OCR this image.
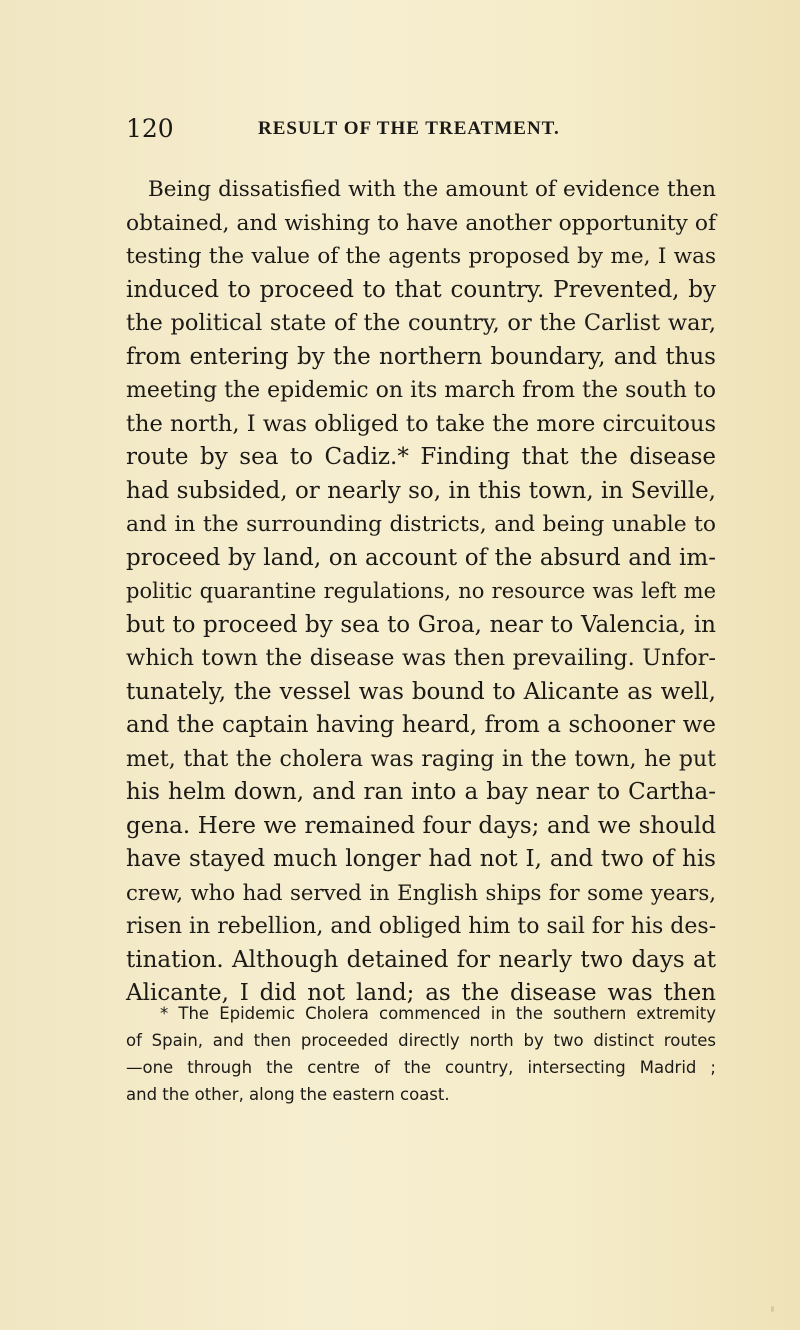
120	RESULT OF THE TREATMENT.
Being dissatisfied with the amount of evidence then
obtained, and wishing to have another opportunity of
testing the value of the agents proposed by me, I was
induced to proceed to that country. Prevented, by
the political state of the country, or the Carlist war,
from entering by the northern boundary, and thus
meeting the epidemic on its march from the south to
the north, I was obliged to take the more circuitous
route by sea to Cadiz.* Finding that the disease
had subsided, or nearly so, in this town, in Seville,
and in the surrounding districts, and being unable to
proceed by land, on account of the absurd and im-
politic quarantine regulations, no resource was left me
but to proceed by sea to Groa, near to Valencia, in
which town the disease was then prevailing. Unfor-
tunately, the vessel was bound to Alicante as well,
and the captain having heard, from a schooner we
met, that the cholera was raging in the town, he put
his helm down, and ran into a bay near to Cartha-
gena. Here we remained four days; and we should
have stayed much longer had not I, and two of his
crew, who had served in English ships for some years,
risen in rebellion, and obliged him to sail for his des-
tination. Although detained for nearly two days at
Alicante, I did not land; as the disease was then
* The Epidemic Cholera commenced in the southern extremity
of Spain, and then proceeded directly north by two distinct routes
—one through the centre of the country, intersecting Madrid ;
and the other, along the eastern coast.
